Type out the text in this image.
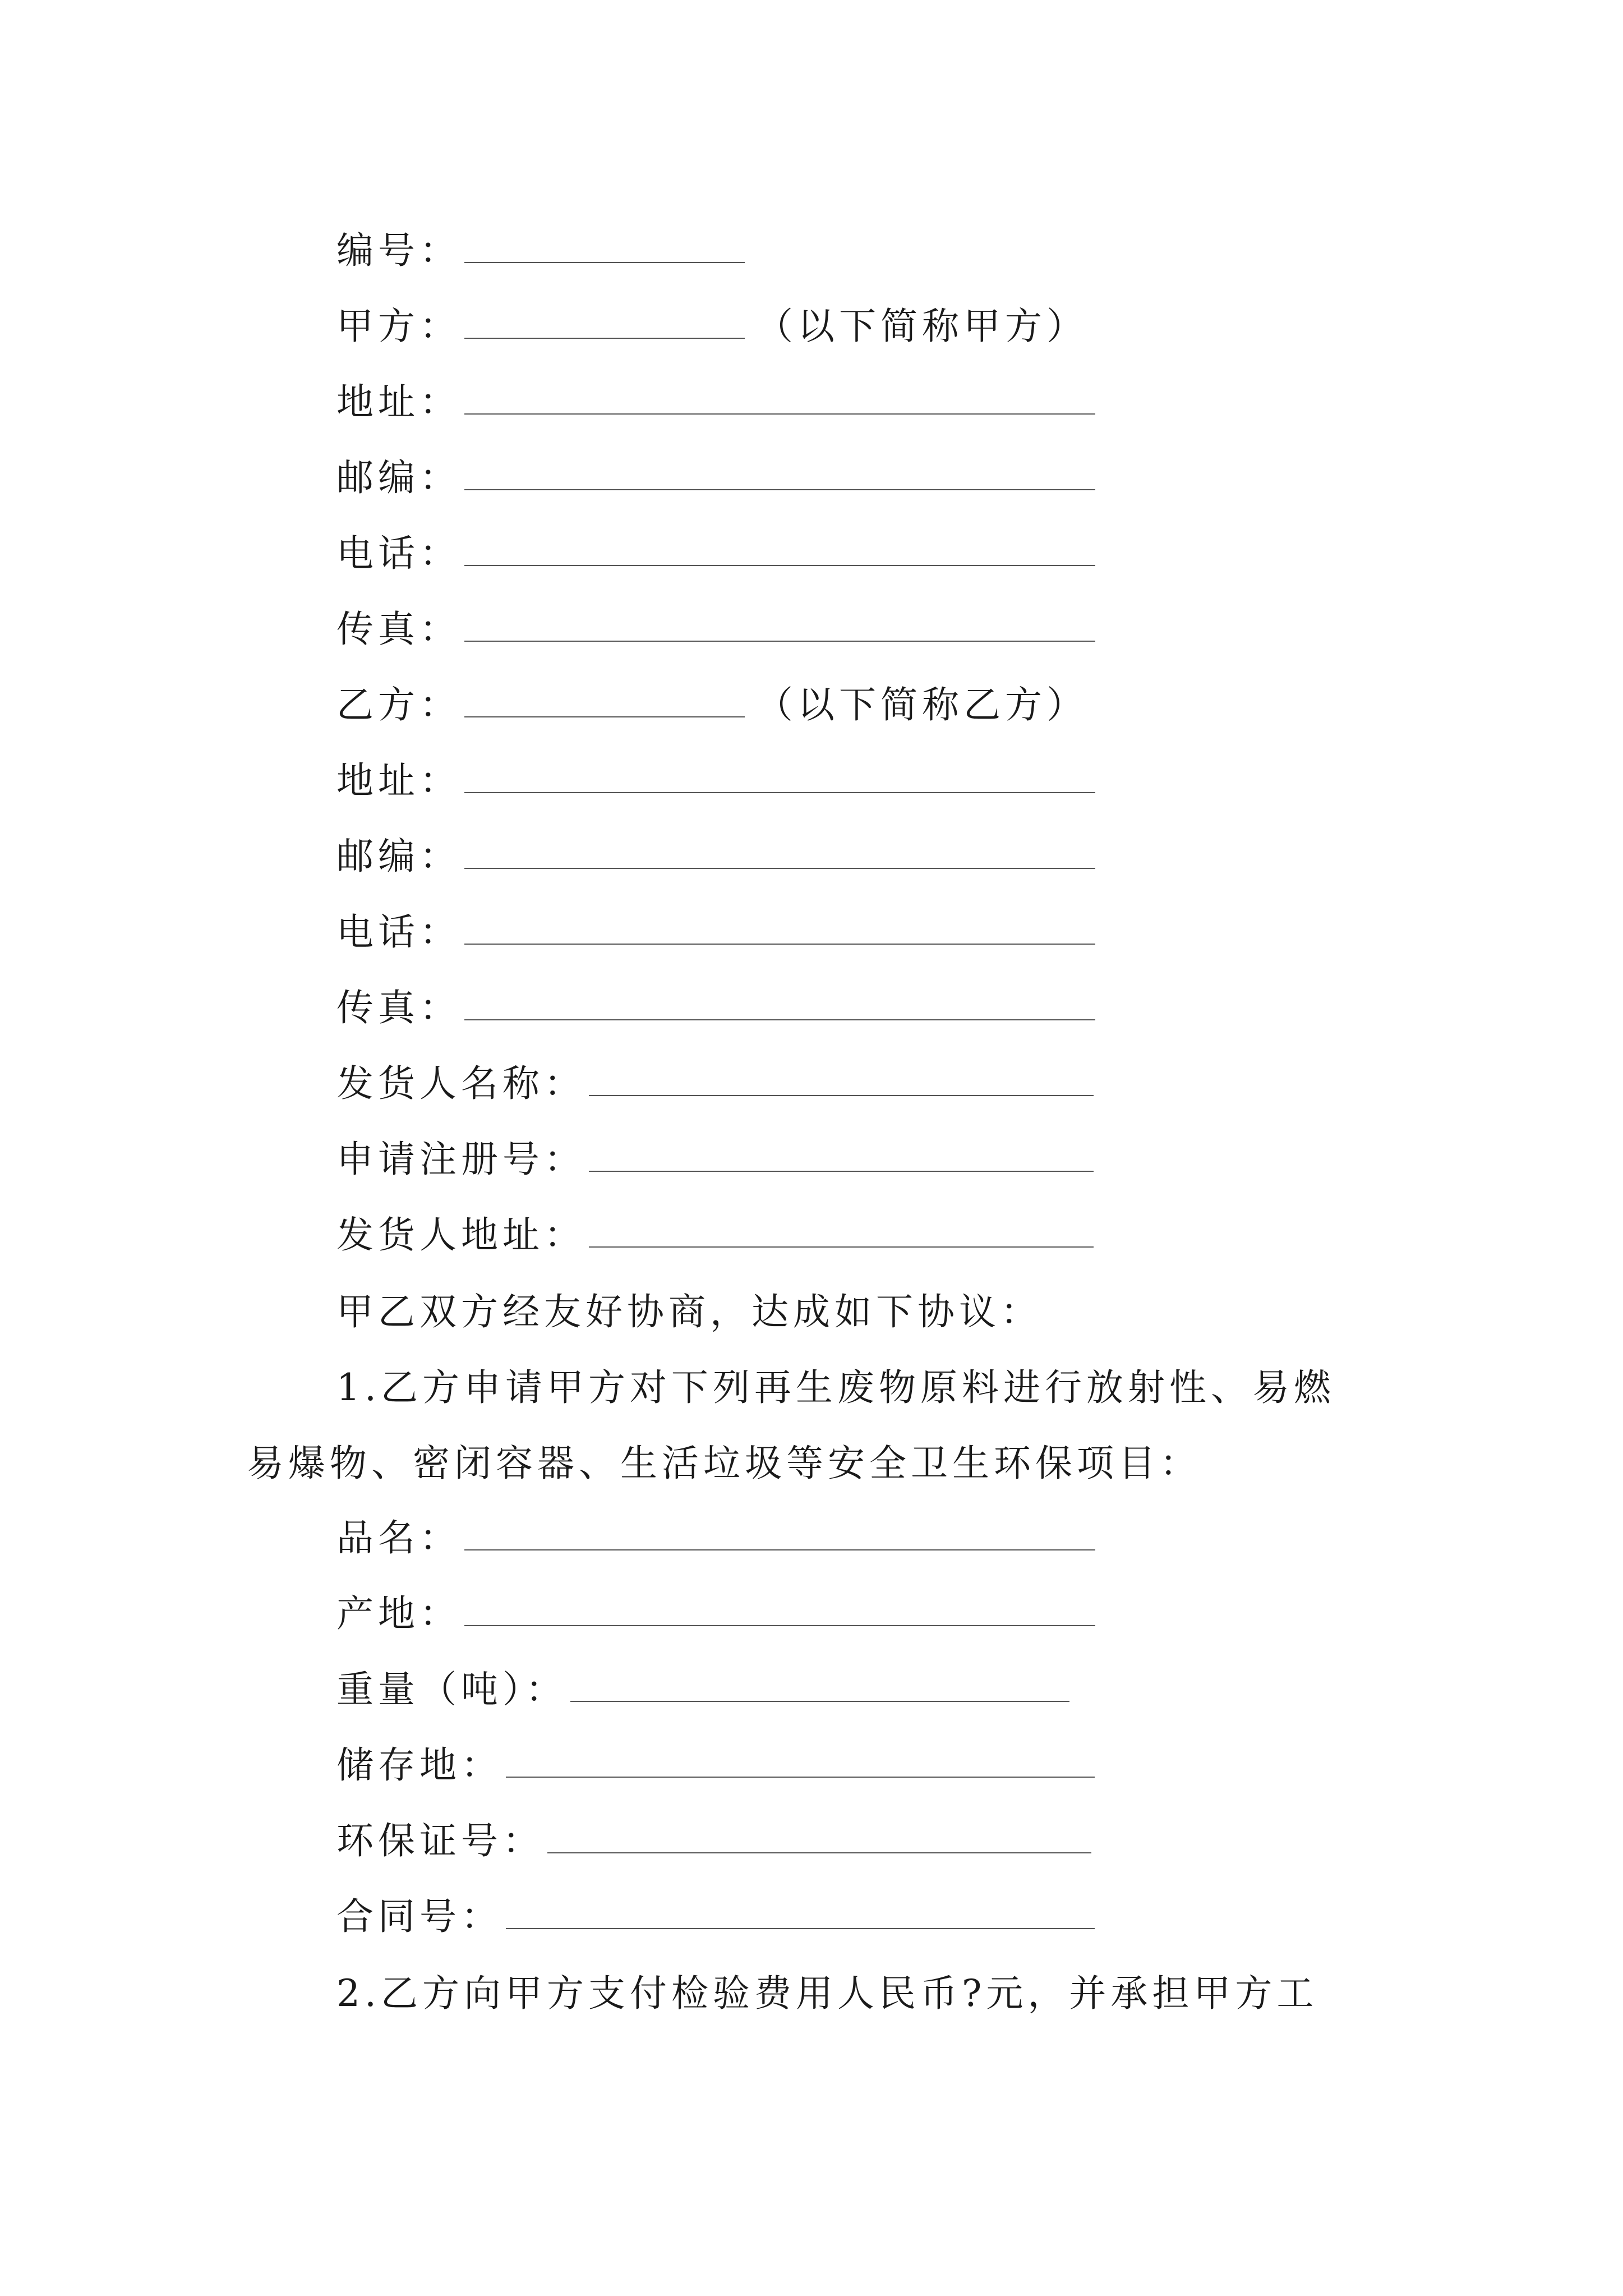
编号：
甲方：	（以下简称甲方）
地址：
邮编：
电话：
传真：
乙方：	（以下简称乙方）
地址：
邮编：
电话：
传真：
发货人名称：
申请注册号：
发货人地址：
甲乙双方经友好协商，达成如下协议：
1.乙方申请甲方对下列再生废物原料进行放射性、易燃
易爆物、密闭容器、生活垃圾等安全卫生环保项目：
品名：
产地：
重量（吨）：
储存地：
环保证号：
合同号：
2.乙方向甲方支付检验费用人民币?元，并承担甲方工
